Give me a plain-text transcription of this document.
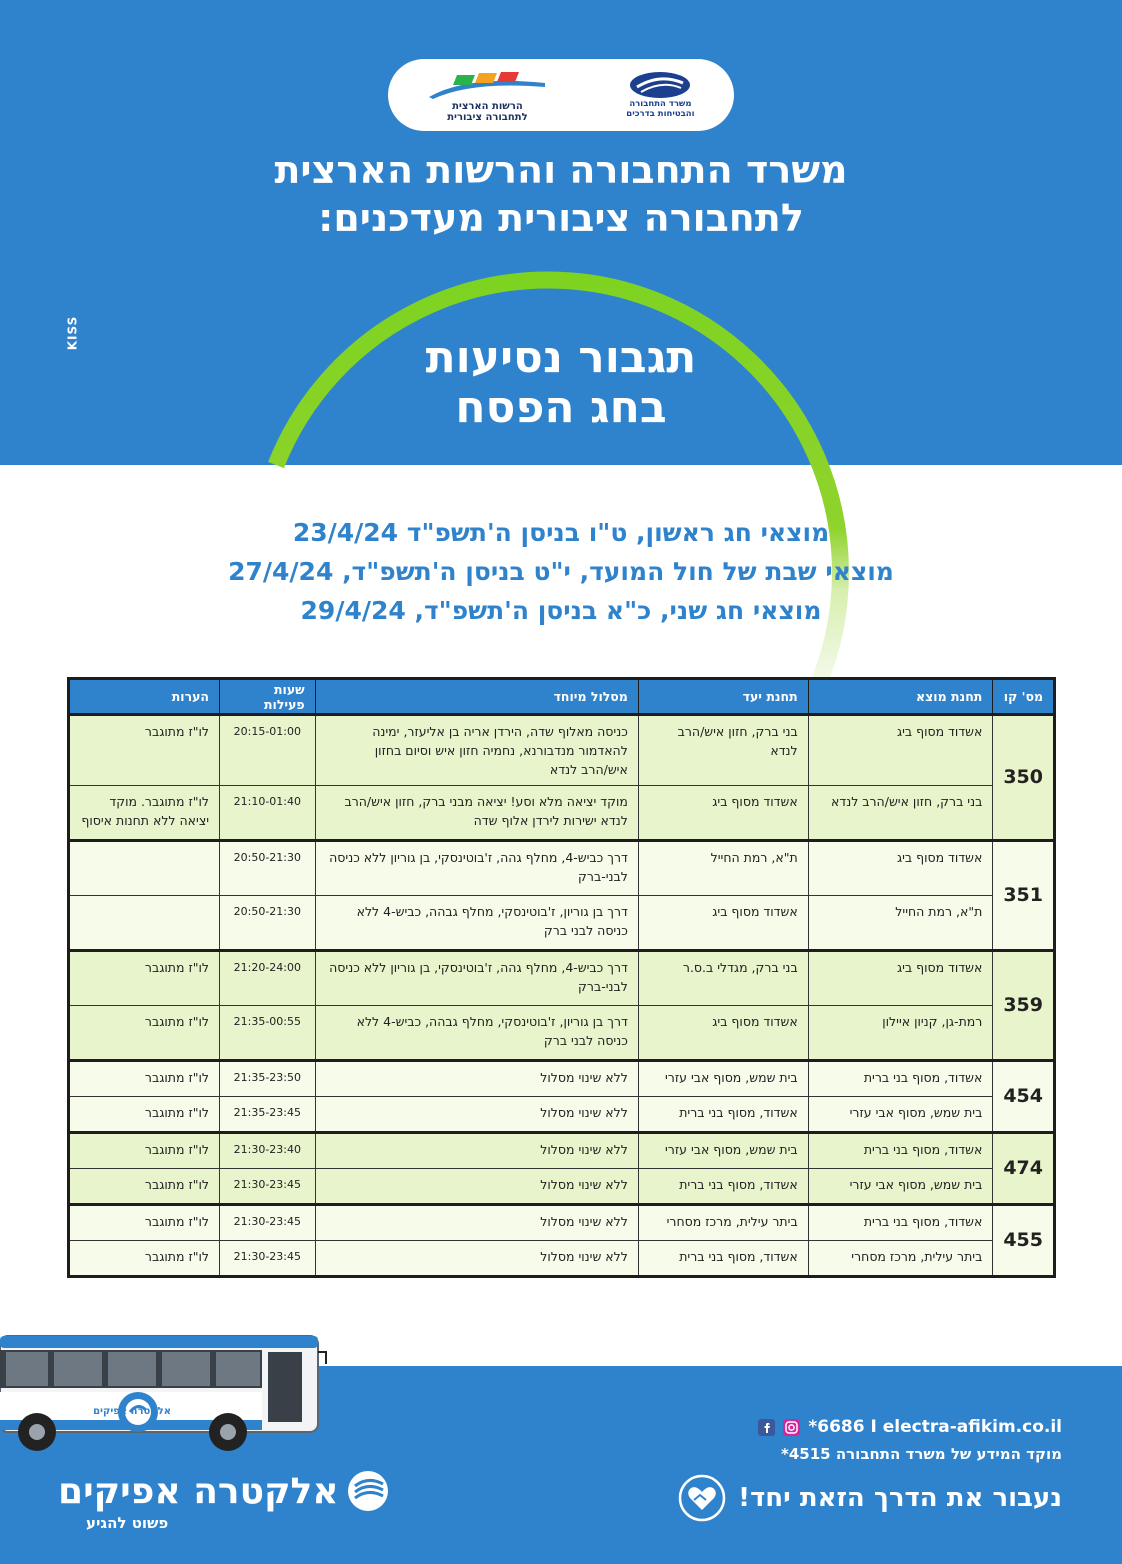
הרשות הארצית
לתחבורה ציבורית
משרד התחבורה
והבטיחות בדרכים
משרד התחבורה והרשות הארצית
לתחבורה ציבורית מעדכנים:
KISS	תגבור נסיעות
בחג הפסח
מוצאי חג ראשון, ט"ו בניסן ה'תשפ"ד 23/4/24
מוצאי שבת של חול המועד, י"ט בניסן ה'תשפ"ד, 27/4/24
מוצאי חג שני, כ"א בניסן ה'תשפ"ד, 29/4/24
מס' קו	תחנת מוצא	תחנת יעד	מסלול מיוחד	שעות פעילות	הערות
350	אשדוד מסוף ביג	בני ברק, חזון איש/הרב לנדא	כניסה מאלוף שדה, הירדן אריה בן אליעזר, ימינה להאדמור מנדבורנא, נחמיה חזון איש וסיום בחזון איש/הרב לנדא	20:15-01:00	לו"ז מתוגבר
	בני ברק, חזון איש/הרב לנדא	אשדוד מסוף ביג	מוקד יציאה מלא וסע! יציאה מבני ברק, חזון איש/הרב לנדא ישירות לירדן אלוף שדה	21:10-01:40	לו"ז מתוגבר. מוקד יציאה ללא תחנות איסוף
351	אשדוד מסוף ביג	ת"א, רמת החייל	דרך כביש-4, מחלף גהה, ז'בוטינסקי, בן גוריון ללא כניסה לבני-ברק	20:50-21:30	
	ת"א, רמת החייל	אשדוד מסוף ביג	דרך בן גוריון, ז'בוטינסקי, מחלף גבהה, כביש-4 ללא כניסה לבני ברק	20:50-21:30	
359	אשדוד מסוף ביג	בני ברק, מגדלי ב.ס.ר	דרך כביש-4, מחלף גהה, ז'בוטינסקי, בן גוריון ללא כניסה לבני-ברק	21:20-24:00	לו"ז מתוגבר
	רמת-גן, קניון איילון	אשדוד מסוף ביג	דרך בן גוריון, ז'בוטינסקי, מחלף גבהה, כביש-4 ללא כניסה לבני ברק	21:35-00:55	לו"ז מתוגבר
454	אשדוד, מסוף בני ברית	בית שמש, מסוף אבי עזרי	ללא שינוי מסלול	21:35-23:50	לו"ז מתוגבר
	בית שמש, מסוף אבי עזרי	אשדוד, מסוף בני ברית	ללא שינוי מסלול	21:35-23:45	לו"ז מתוגבר
474	אשדוד, מסוף בני ברית	בית שמש, מסוף אבי עזרי	ללא שינוי מסלול	21:30-23:40	לו"ז מתוגבר
	בית שמש, מסוף אבי עזרי	אשדוד, מסוף בני ברית	ללא שינוי מסלול	21:30-23:45	לו"ז מתוגבר
455	אשדוד, מסוף בני ברית	ביתר עילית, מרכז מסחרי	ללא שינוי מסלול	21:30-23:45	לו"ז מתוגבר
	ביתר עילית, מרכז מסחרי	אשדוד, מסוף בני ברית	ללא שינוי מסלול	21:30-23:45	לו"ז מתוגבר
אלקטרה אפיקים
*6686 I electra-afikim.co.il
מוקד המידע של משרד התחבורה 4515*
נעבור את הדרך הזאת יחד!
אלקטרה אפיקים
פשוט להגיע
